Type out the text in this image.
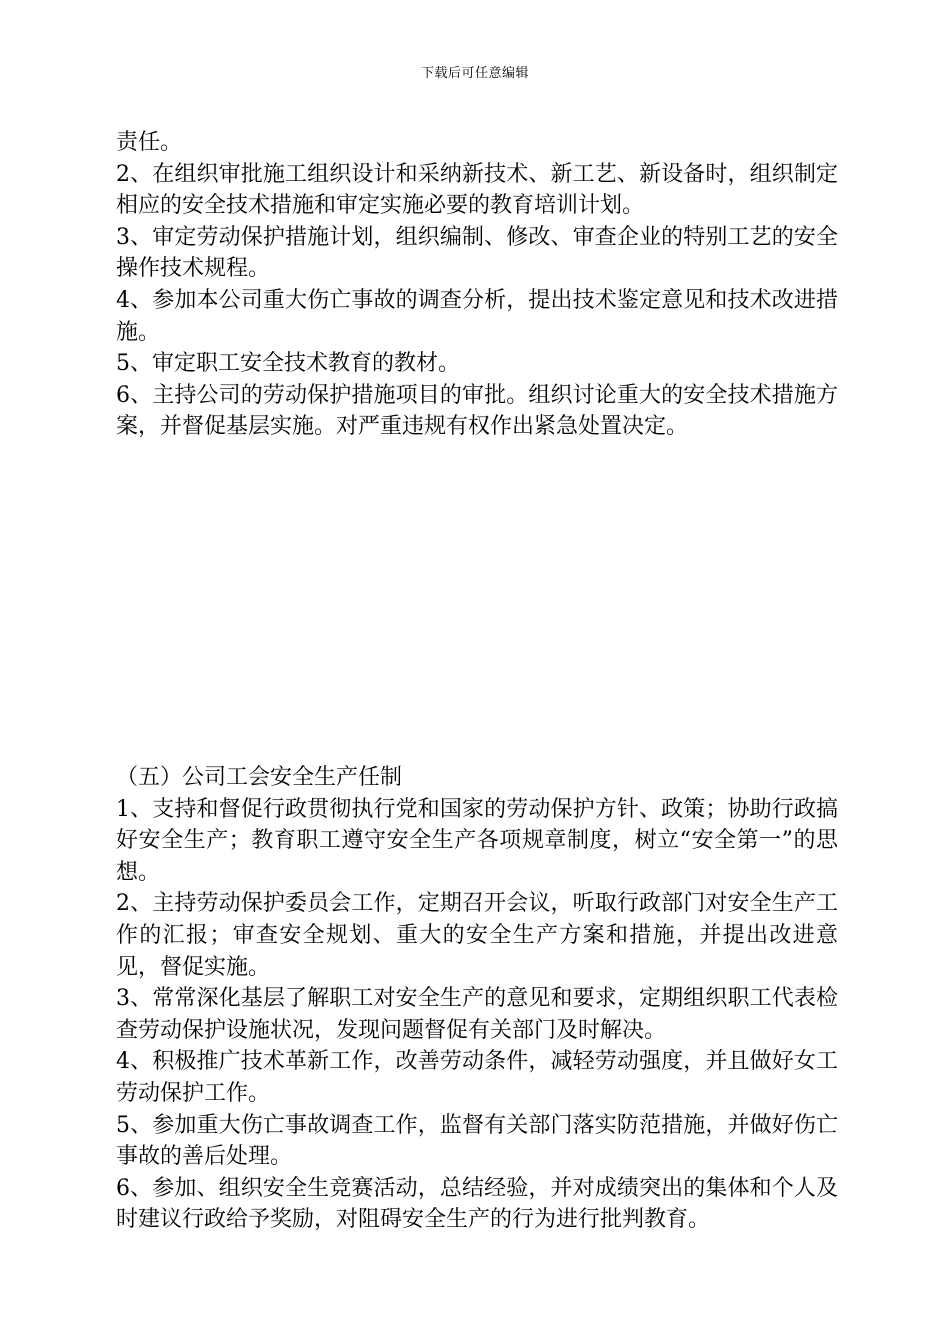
下载后可任意编辑

责任。

2、在组织审批施工组织设计和采纳新技术、新工艺、新设备时，组织制定相应的安全技术措施和审定实施必要的教育培训计划。

3、审定劳动保护措施计划，组织编制、修改、审查企业的特别工艺的安全操作技术规程。

4、参加本公司重大伤亡事故的调查分析，提出技术鉴定意见和技术改进措施。

5、审定职工安全技术教育的教材。

6、主持公司的劳动保护措施项目的审批。组织讨论重大的安全技术措施方案，并督促基层实施。对严重违规有权作出紧急处置决定。

（五）公司工会安全生产任制

1、支持和督促行政贯彻执行党和国家的劳动保护方针、政策；协助行政搞好安全生产；教育职工遵守安全生产各项规章制度，树立“安全第一”的思想。

2、主持劳动保护委员会工作，定期召开会议，听取行政部门对安全生产工作的汇报；审查安全规划、重大的安全生产方案和措施，并提出改进意见，督促实施。

3、常常深化基层了解职工对安全生产的意见和要求，定期组织职工代表检查劳动保护设施状况，发现问题督促有关部门及时解决。

4、积极推广技术革新工作，改善劳动条件，减轻劳动强度，并且做好女工劳动保护工作。

5、参加重大伤亡事故调查工作，监督有关部门落实防范措施，并做好伤亡事故的善后处理。

6、参加、组织安全生竞赛活动，总结经验，并对成绩突出的集体和个人及时建议行政给予奖励，对阻碍安全生产的行为进行批判教育。
